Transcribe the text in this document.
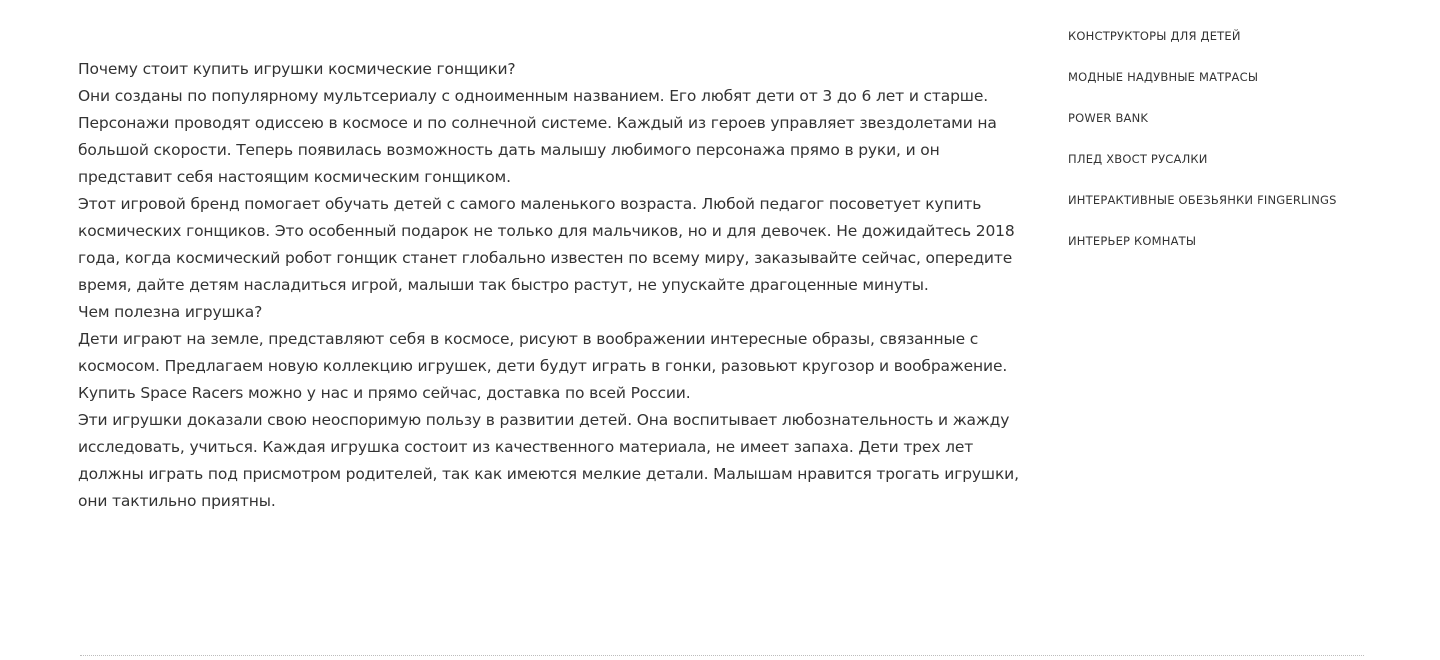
Почему стоит купить игрушки космические гонщики?

Они созданы по популярному мультсериалу с одноименным названием. Его любят дети от 3 до 6 лет и старше. Персонажи проводят одиссею в космосе и по солнечной системе. Каждый из героев управляет звездолетами на большой скорости. Теперь появилась возможность дать малышу любимого персонажа прямо в руки, и он представит себя настоящим космическим гонщиком.

Этот игровой бренд помогает обучать детей с самого маленького возраста. Любой педагог посоветует купить космических гонщиков. Это особенный подарок не только для мальчиков, но и для девочек. Не дожидайтесь 2018 года, когда космический робот гонщик станет глобально известен по всему миру, заказывайте сейчас, опередите время, дайте детям насладиться игрой, малыши так быстро растут, не упускайте драгоценные минуты.

Чем полезна игрушка?

Дети играют на земле, представляют себя в космосе, рисуют в воображении интересные образы, связанные с космосом. Предлагаем новую коллекцию игрушек, дети будут играть в гонки, разовьют кругозор и воображение. Купить Space Racers можно у нас и прямо сейчас, доставка по всей России.

Эти игрушки доказали свою неоспоримую пользу в развитии детей. Она воспитывает любознательность и жажду исследовать, учиться. Каждая игрушка состоит из качественного материала, не имеет запаха. Дети трех лет должны играть под присмотром родителей, так как имеются мелкие детали. Малышам нравится трогать игрушки, они тактильно приятны.

КОНСТРУКТОРЫ ДЛЯ ДЕТЕЙ
МОДНЫЕ НАДУВНЫЕ МАТРАСЫ
POWER BANK
ПЛЕД ХВОСТ РУСАЛКИ
ИНТЕРАКТИВНЫЕ ОБЕЗЬЯНКИ FINGERLINGS
ИНТЕРЬЕР КОМНАТЫ
